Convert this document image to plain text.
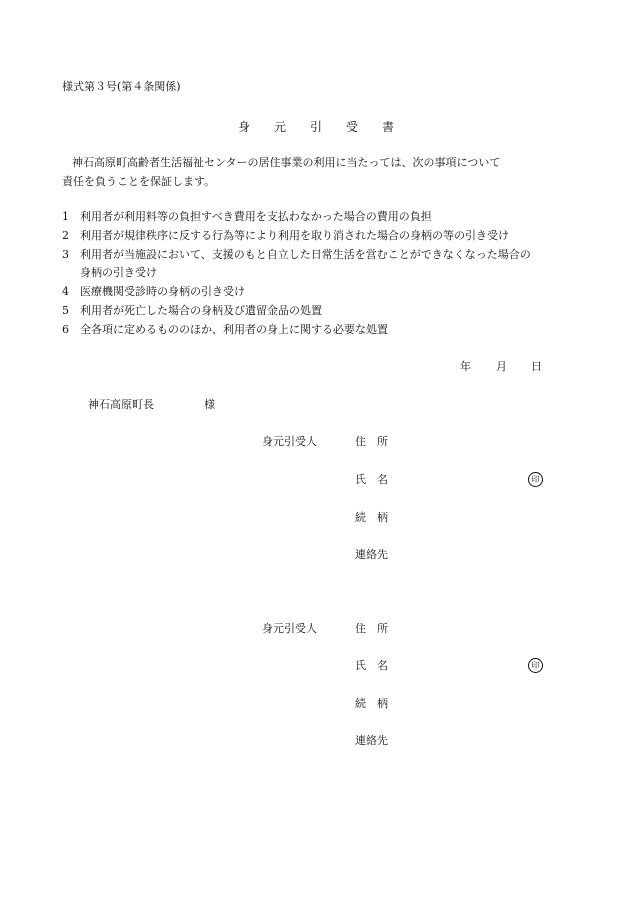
様式第３号(第４条関係)
身 元 引 受 書
神石高原町高齢者生活福祉センターの居住事業の利用に当たっては、次の事項について
責任を負うことを保証します。
1 利用者が利用料等の負担すべき費用を支払わなかった場合の費用の負担
2 利用者が規律秩序に反する行為等により利用を取り消された場合の身柄の等の引き受け
3 利用者が当施設において、支援のもと自立した日常生活を営むことができなくなった場合の
身柄の引き受け
4 医療機関受診時の身柄の引き受け
5 利用者が死亡した場合の身柄及び遺留金品の処置
6 全各項に定めるもののほか、利用者の身上に関する必要な処置
年 月 日
神石高原町長	様
身元引受人	住　所
氏　名	印
続　柄
連絡先
身元引受人	住　所
氏　名	印
続　柄
連絡先
